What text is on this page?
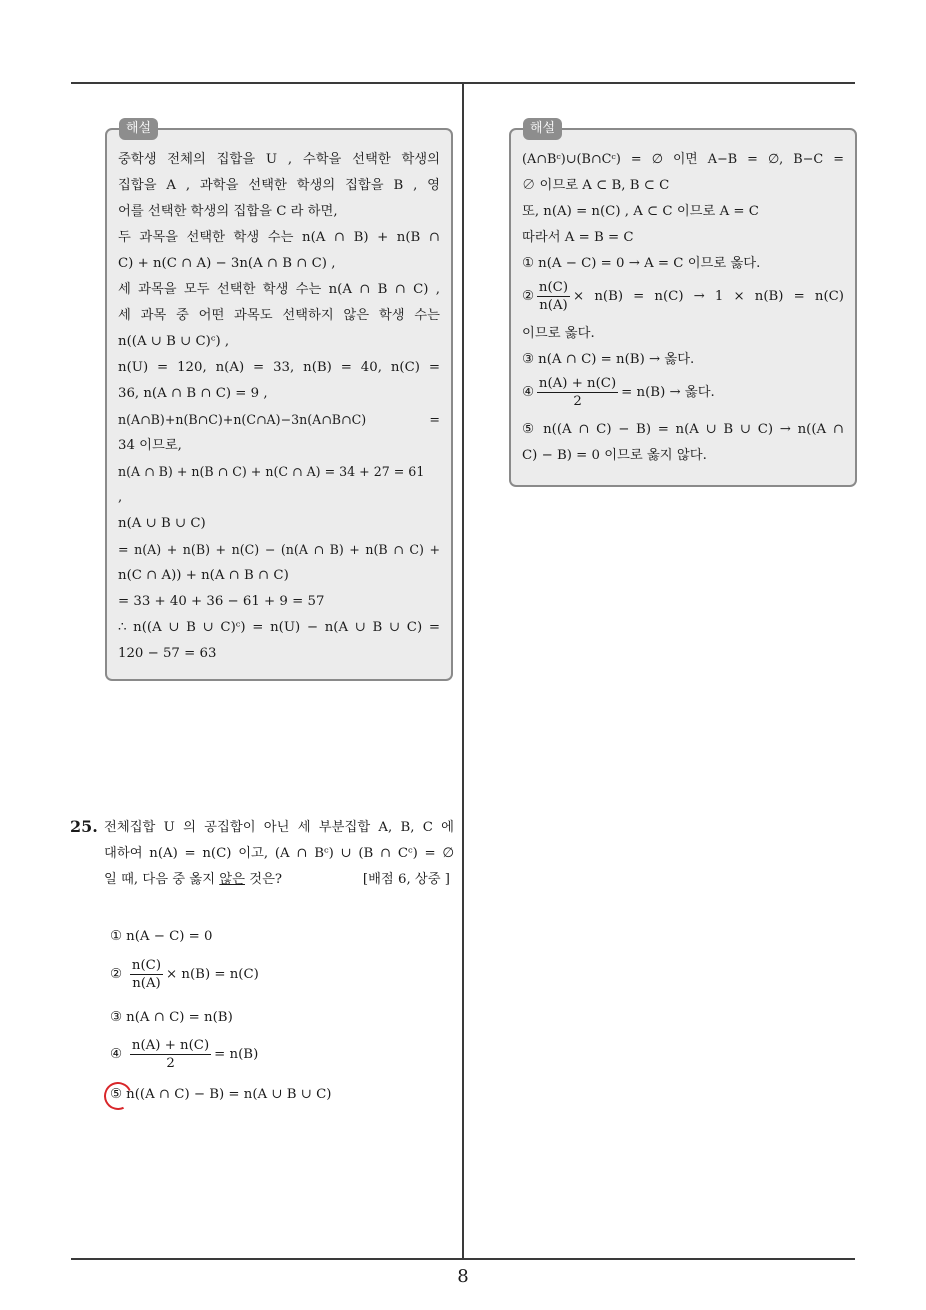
해설
중학생 전체의 집합을 U , 수학을 선택한 학생의
집합을 A , 과학을 선택한 학생의 집합을 B , 영
어를 선택한 학생의 집합을 C 라 하면,
두 과목을 선택한 학생 수는 n(A ∩ B) + n(B ∩
C) + n(C ∩ A) − 3n(A ∩ B ∩ C) ,
세 과목을 모두 선택한 학생 수는 n(A ∩ B ∩ C) ,
세 과목 중 어떤 과목도 선택하지 않은 학생 수는
n((A ∪ B ∪ C)ᶜ) ,
n(U) = 120, n(A) = 33, n(B) = 40, n(C) =
36, n(A ∩ B ∩ C) = 9 ,
n(A∩B)+n(B∩C)+n(C∩A)−3n(A∩B∩C) =
34 이므로,
n(A ∩ B) + n(B ∩ C) + n(C ∩ A) = 34 + 27 = 61
,
n(A ∪ B ∪ C)
= n(A) + n(B) + n(C) − (n(A ∩ B) + n(B ∩ C) +
n(C ∩ A)) + n(A ∩ B ∩ C)
= 33 + 40 + 36 − 61 + 9 = 57
∴ n((A ∪ B ∪ C)ᶜ) = n(U) − n(A ∪ B ∪ C) =
120 − 57 = 63
해설
(A∩Bᶜ)∪(B∩Cᶜ) = ∅ 이면 A−B = ∅, B−C =
∅ 이므로 A ⊂ B, B ⊂ C
또, n(A) = n(C) , A ⊂ C 이므로 A = C
따라서 A = B = C
① n(A − C) = 0 → A = C 이므로 옳다.
② $\frac{n(C)}{n(A)} \times n(B) = n(C) \to 1 \times n(B) = n(C)$
이므로 옳다.
③ n(A ∩ C) = n(B) → 옳다.
④ $\frac{n(A) + n(C)}{2} = n(B)$ → 옳다.
⑤ n((A ∩ C) − B) = n(A ∪ B ∪ C) → n((A ∩
C) − B) = 0 이므로 옳지 않다.
25. 전체집합 U 의 공집합이 아닌 세 부분집합 A, B, C 에
대하여 n(A) = n(C) 이고, (A ∩ Bᶜ) ∪ (B ∩ Cᶜ) = ∅
일 때, 다음 중 옳지 않은 것은?	[배점 6, 상중 ]
① n(A − C) = 0
② $\frac{n(C)}{n(A)} \times n(B) = n(C)$
③ n(A ∩ C) = n(B)
④ $\frac{n(A) + n(C)}{2} = n(B)$
⑤ n((A ∩ C) − B) = n(A ∪ B ∪ C)
8
